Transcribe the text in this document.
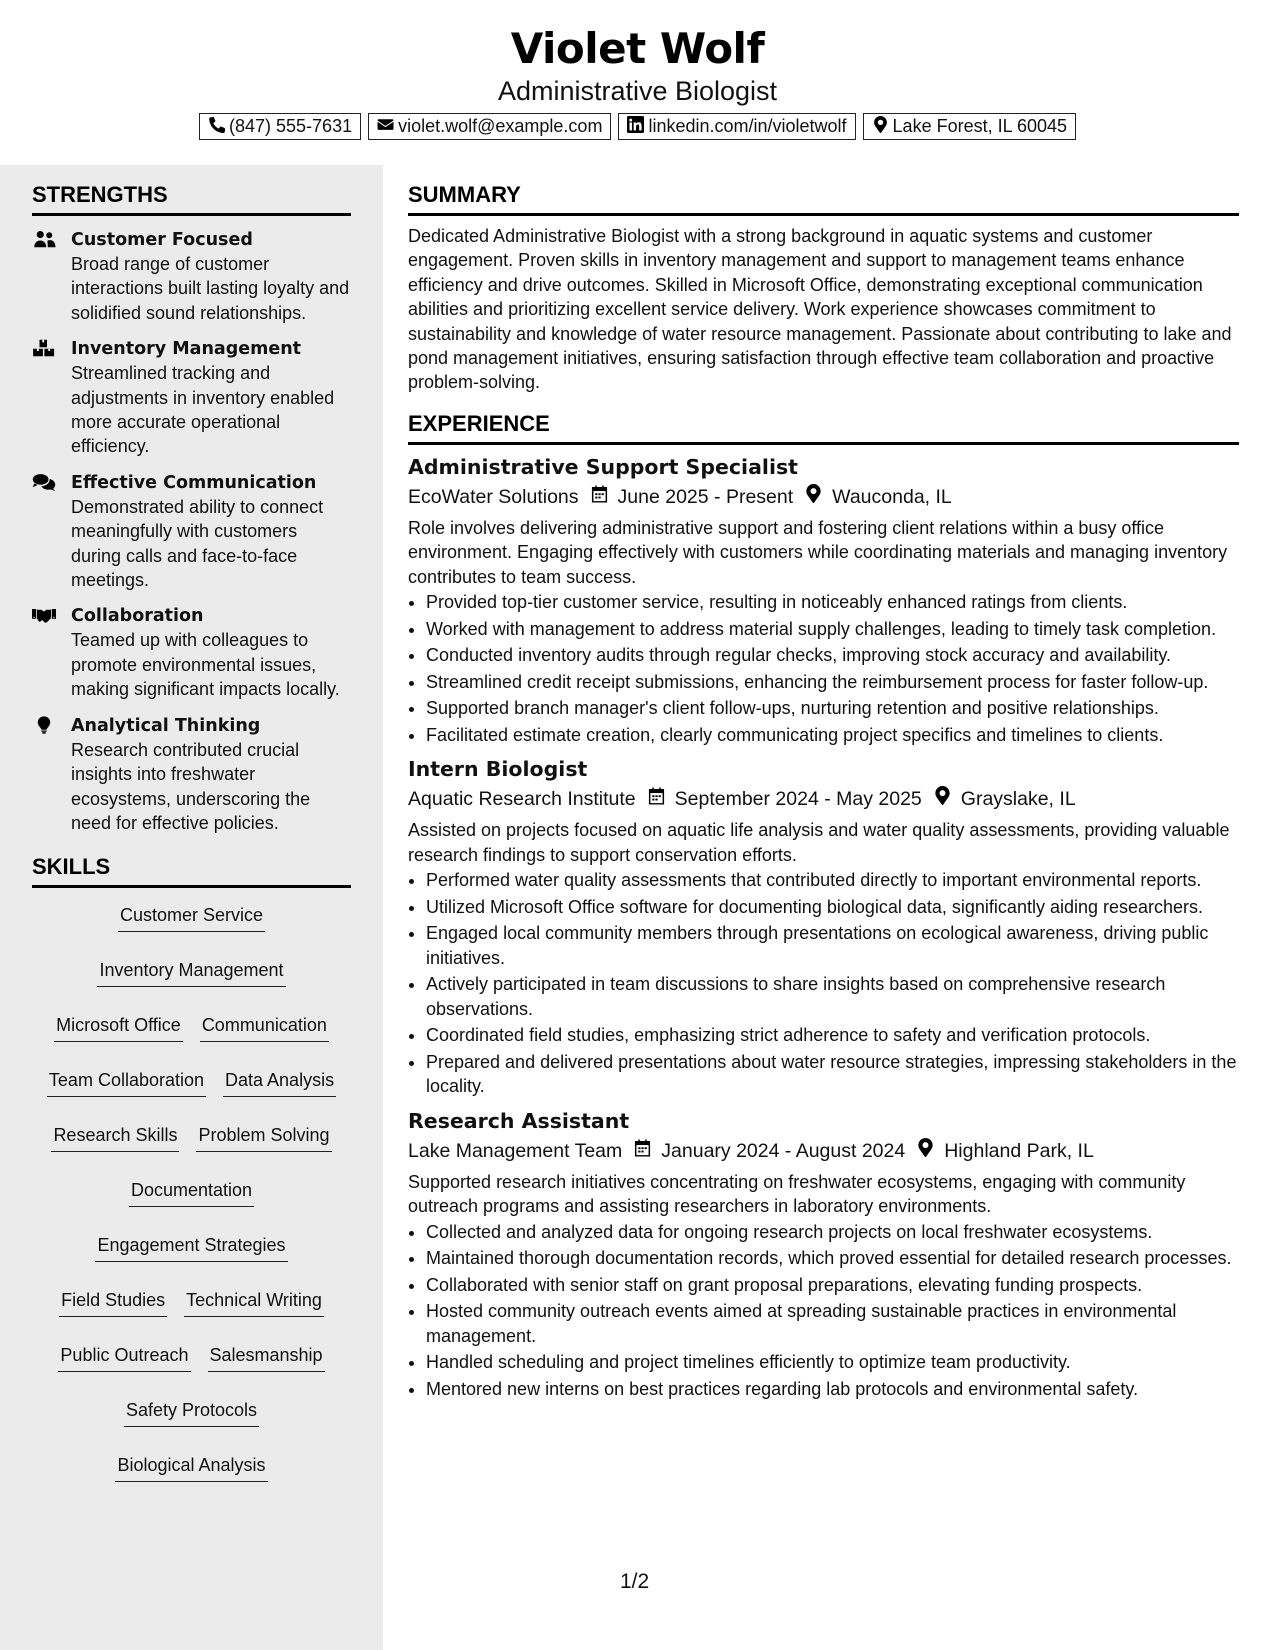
Violet Wolf
Administrative Biologist
(847) 555-7631	violet.wolf@example.com	linkedin.com/in/violetwolf	Lake Forest, IL 60045
STRENGTHS
Customer Focused
Broad range of customer interactions built lasting loyalty and solidified sound relationships.
Inventory Management
Streamlined tracking and adjustments in inventory enabled more accurate operational efficiency.
Effective Communication
Demonstrated ability to connect meaningfully with customers during calls and face-to-face meetings.
Collaboration
Teamed up with colleagues to promote environmental issues, making significant impacts locally.
Analytical Thinking
Research contributed crucial insights into freshwater ecosystems, underscoring the need for effective policies.
SKILLS
Customer Service
Inventory Management
Microsoft Office Communication
Team Collaboration Data Analysis
Research Skills Problem Solving
Documentation
Engagement Strategies
Field Studies Technical Writing
Public Outreach Salesmanship
Safety Protocols
Biological Analysis
SUMMARY
Dedicated Administrative Biologist with a strong background in aquatic systems and customer engagement. Proven skills in inventory management and support to management teams enhance efficiency and drive outcomes. Skilled in Microsoft Office, demonstrating exceptional communication abilities and prioritizing excellent service delivery. Work experience showcases commitment to sustainability and knowledge of water resource management. Passionate about contributing to lake and pond management initiatives, ensuring satisfaction through effective team collaboration and proactive problem-solving.
EXPERIENCE
Administrative Support Specialist
EcoWater Solutions June 2025 - Present Wauconda, IL
Role involves delivering administrative support and fostering client relations within a busy office environment. Engaging effectively with customers while coordinating materials and managing inventory contributes to team success.
• Provided top-tier customer service, resulting in noticeably enhanced ratings from clients.
• Worked with management to address material supply challenges, leading to timely task completion.
• Conducted inventory audits through regular checks, improving stock accuracy and availability.
• Streamlined credit receipt submissions, enhancing the reimbursement process for faster follow-up.
• Supported branch manager's client follow-ups, nurturing retention and positive relationships.
• Facilitated estimate creation, clearly communicating project specifics and timelines to clients.
Intern Biologist
Aquatic Research Institute September 2024 - May 2025 Grayslake, IL
Assisted on projects focused on aquatic life analysis and water quality assessments, providing valuable research findings to support conservation efforts.
• Performed water quality assessments that contributed directly to important environmental reports.
• Utilized Microsoft Office software for documenting biological data, significantly aiding researchers.
• Engaged local community members through presentations on ecological awareness, driving public initiatives.
• Actively participated in team discussions to share insights based on comprehensive research observations.
• Coordinated field studies, emphasizing strict adherence to safety and verification protocols.
• Prepared and delivered presentations about water resource strategies, impressing stakeholders in the locality.
Research Assistant
Lake Management Team January 2024 - August 2024 Highland Park, IL
Supported research initiatives concentrating on freshwater ecosystems, engaging with community outreach programs and assisting researchers in laboratory environments.
• Collected and analyzed data for ongoing research projects on local freshwater ecosystems.
• Maintained thorough documentation records, which proved essential for detailed research processes.
• Collaborated with senior staff on grant proposal preparations, elevating funding prospects.
• Hosted community outreach events aimed at spreading sustainable practices in environmental management.
• Handled scheduling and project timelines efficiently to optimize team productivity.
• Mentored new interns on best practices regarding lab protocols and environmental safety.
1/2
